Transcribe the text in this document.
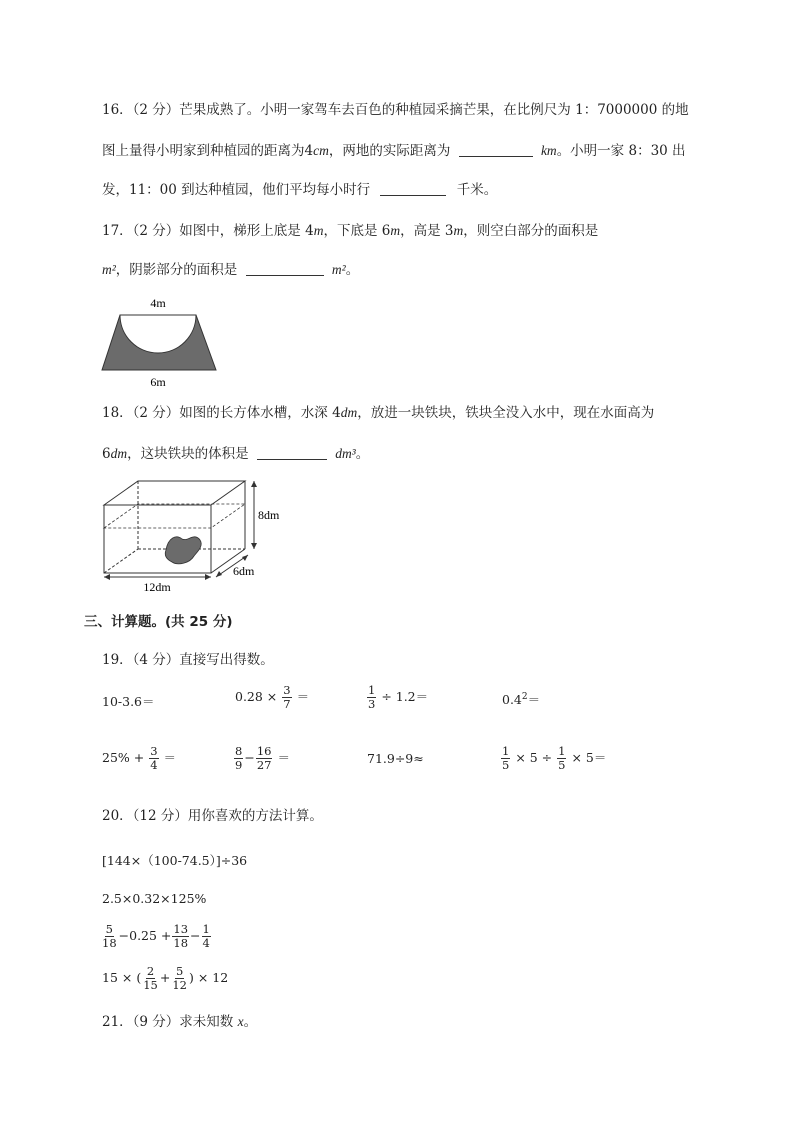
16．（2 分）芒果成熟了。小明一家驾车去百色的种植园采摘芒果，在比例尺为 1：7000000 的地
图上量得小明家到种植园的距离为4cm，两地的实际距离为	km。小明一家 8：30 出
发，11：00 到达种植园，他们平均每小时行	千米。
17．（2 分）如图中，梯形上底是 4m，下底是 6m，高是 3m，则空白部分的面积是
m²，阴影部分的面积是	m²。
4m
6m
18．（2 分）如图的长方体水槽，水深 4dm，放进一块铁块，铁块全没入水中，现在水面高为
6dm，这块铁块的体积是	dm³。
8dm
6dm
12dm
三、计算题。(共 25 分)
19．（4 分）直接写出得数。
10-3.6＝	$0.28 \times \frac{3}{7}$ ＝	$\frac{1}{3} \div 1.2=$	$0.4^2=$
$25\% + \frac{3}{4}$ ＝	$\frac{8}{9} - \frac{16}{27}$ ＝	71.9÷9≈	$\frac{1}{5} \times 5 \div \frac{1}{5} \times 5=$
20．（12 分）用你喜欢的方法计算。
[144×（100-74.5）]÷36
2.5×0.32×125%
$\frac{5}{18} -0.25 + \frac{13}{18} - \frac{1}{4}$
15 × ( $\frac{2}{15} + \frac{5}{12}$ ) × 12
21．（9 分）求未知数 x。
